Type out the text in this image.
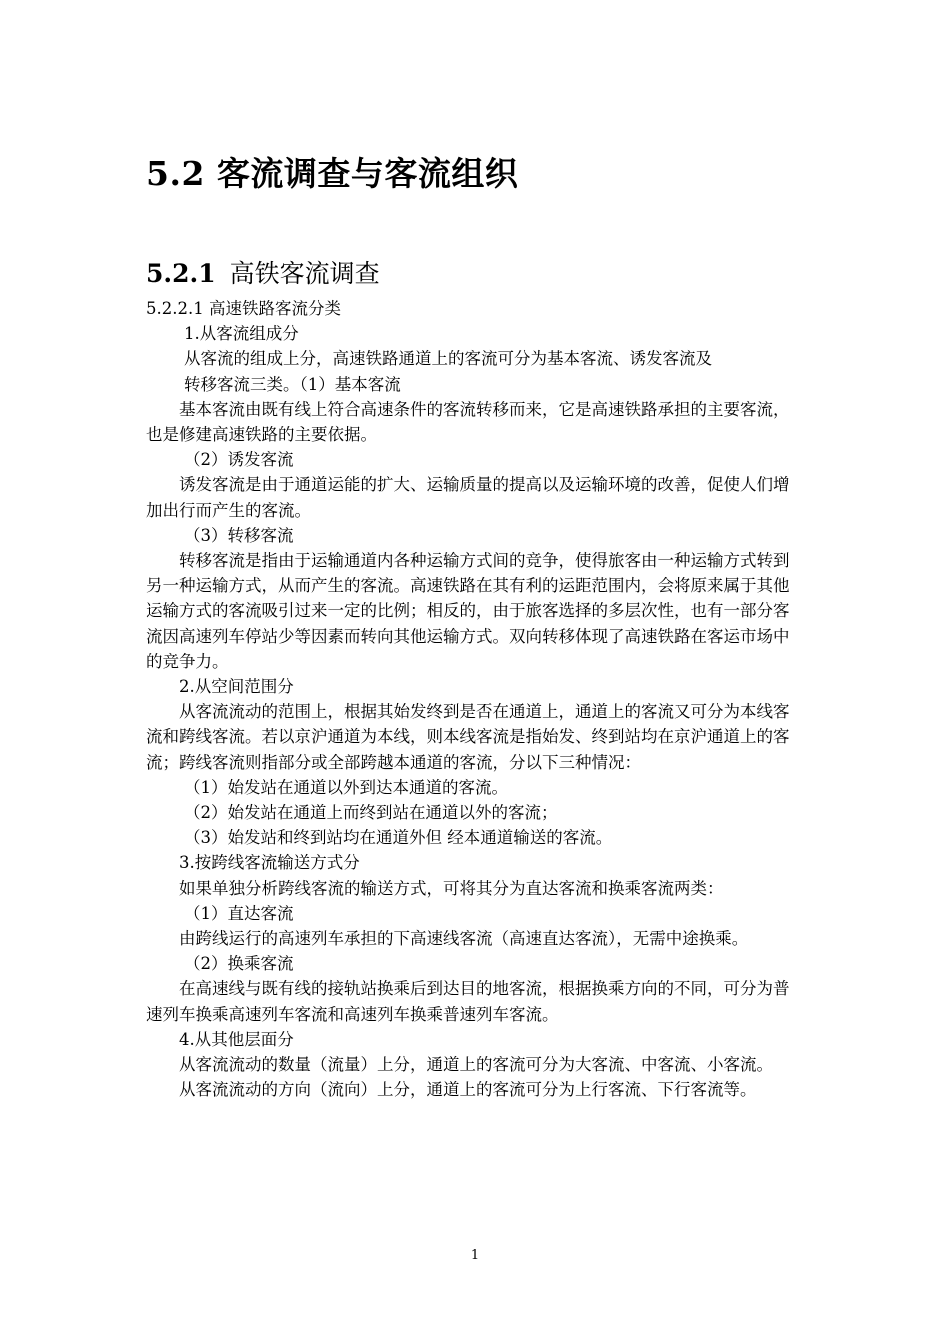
5.2 客流调查与客流组织
5.2.1 高铁客流调查

5.2.2.1 高速铁路客流分类

1.从客流组成分

从客流的组成上分，高速铁路通道上的客流可分为基本客流、诱发客流及

转移客流三类。（1）基本客流

基本客流由既有线上符合高速条件的客流转移而来，它是高速铁路承担的主要客流，也是修建高速铁路的主要依据。

（2）诱发客流

诱发客流是由于通道运能的扩大、运输质量的提高以及运输环境的改善，促使人们增加出行而产生的客流。

（3）转移客流

转移客流是指由于运输通道内各种运输方式间的竞争，使得旅客由一种运输方式转到另一种运输方式，从而产生的客流。高速铁路在其有利的运距范围内，会将原来属于其他运输方式的客流吸引过来一定的比例；相反的，由于旅客选择的多层次性，也有一部分客流因高速列车停站少等因素而转向其他运输方式。双向转移体现了高速铁路在客运市场中的竞争力。

2.从空间范围分

从客流流动的范围上，根据其始发终到是否在通道上，通道上的客流又可分为本线客流和跨线客流。若以京沪通道为本线，则本线客流是指始发、终到站均在京沪通道上的客流；跨线客流则指部分或全部跨越本通道的客流，分以下三种情况：

（1）始发站在通道以外到达本通道的客流。

（2）始发站在通道上而终到站在通道以外的客流；

（3）始发站和终到站均在通道外但 经本通道输送的客流。

3.按跨线客流输送方式分

如果单独分析跨线客流的输送方式，可将其分为直达客流和换乘客流两类：

（1）直达客流

由跨线运行的高速列车承担的下高速线客流（高速直达客流），无需中途换乘。

（2）换乘客流

在高速线与既有线的接轨站换乘后到达目的地客流，根据换乘方向的不同，可分为普速列车换乘高速列车客流和高速列车换乘普速列车客流。

4.从其他层面分

从客流流动的数量（流量）上分，通道上的客流可分为大客流、中客流、小客流。

从客流流动的方向（流向）上分，通道上的客流可分为上行客流、下行客流等。

1
